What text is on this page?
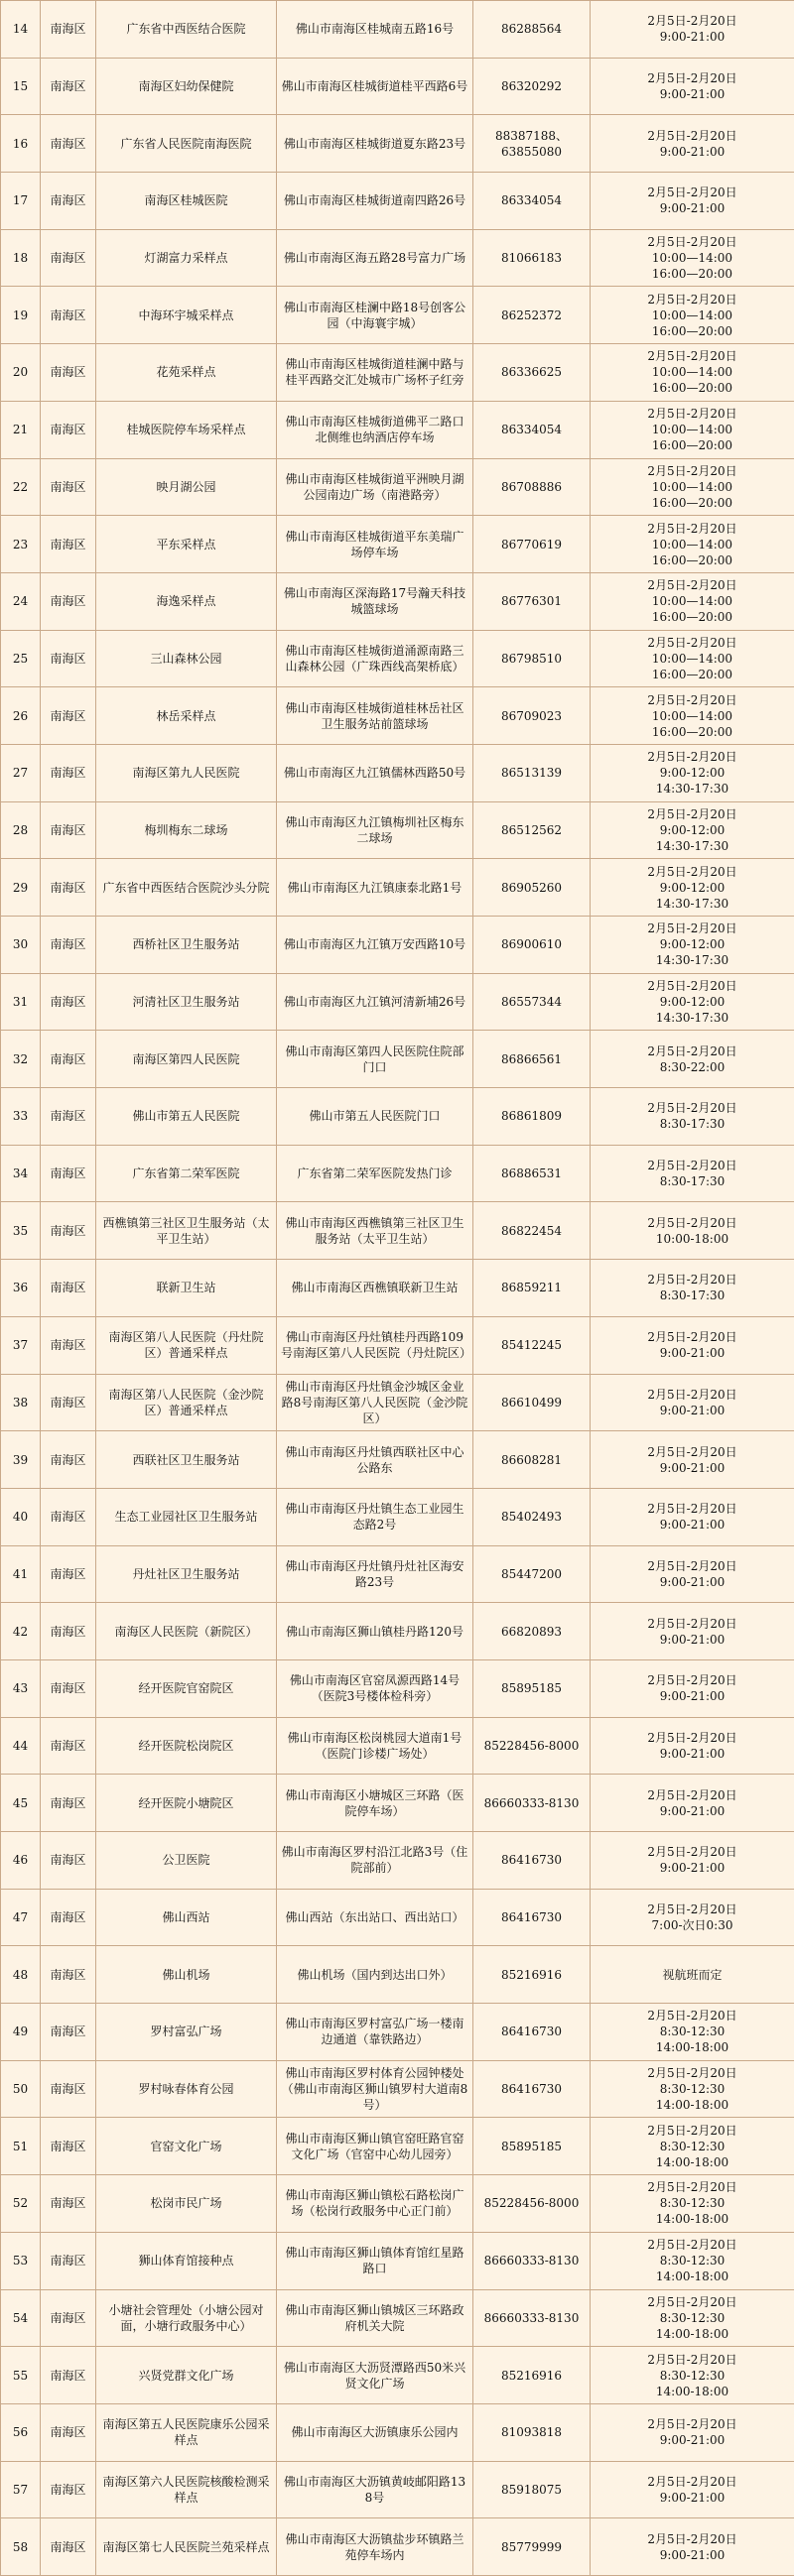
14	南海区	广东省中西医结合医院	佛山市南海区桂城南五路16号	86288564	2月5日-2月20日
9:00-21:00
15	南海区	南海区妇幼保健院	佛山市南海区桂城街道桂平西路6号	86320292	2月5日-2月20日
9:00-21:00
16	南海区	广东省人民医院南海医院	佛山市南海区桂城街道夏东路23号	88387188、
63855080	2月5日-2月20日
9:00-21:00
17	南海区	南海区桂城医院	佛山市南海区桂城街道南四路26号	86334054	2月5日-2月20日
9:00-21:00
18	南海区	灯湖富力采样点	佛山市南海区海五路28号富力广场	81066183	2月5日-2月20日
10:00—14:00
16:00—20:00
19	南海区	中海环宇城采样点	佛山市南海区桂澜中路18号创客公园（中海寰宇城）	86252372	2月5日-2月20日
10:00—14:00
16:00—20:00
20	南海区	花苑采样点	佛山市南海区桂城街道桂澜中路与桂平西路交汇处城市广场杯子红旁	86336625	2月5日-2月20日
10:00—14:00
16:00—20:00
21	南海区	桂城医院停车场采样点	佛山市南海区桂城街道佛平二路口北侧维也纳酒店停车场	86334054	2月5日-2月20日
10:00—14:00
16:00—20:00
22	南海区	映月湖公园	佛山市南海区桂城街道平洲映月湖公园南边广场（南港路旁）	86708886	2月5日-2月20日
10:00—14:00
16:00—20:00
23	南海区	平东采样点	佛山市南海区桂城街道平东美瑞广场停车场	86770619	2月5日-2月20日
10:00—14:00
16:00—20:00
24	南海区	海逸采样点	佛山市南海区深海路17号瀚天科技城篮球场	86776301	2月5日-2月20日
10:00—14:00
16:00—20:00
25	南海区	三山森林公园	佛山市南海区桂城街道涌源南路三山森林公园（广珠西线高架桥底）	86798510	2月5日-2月20日
10:00—14:00
16:00—20:00
26	南海区	林岳采样点	佛山市南海区桂城街道桂林岳社区卫生服务站前篮球场	86709023	2月5日-2月20日
10:00—14:00
16:00—20:00
27	南海区	南海区第九人民医院	佛山市南海区九江镇儒林西路50号	86513139	2月5日-2月20日
9:00-12:00
14:30-17:30
28	南海区	梅圳梅东二球场	佛山市南海区九江镇梅圳社区梅东二球场	86512562	2月5日-2月20日
9:00-12:00
14:30-17:30
29	南海区	广东省中西医结合医院沙头分院	佛山市南海区九江镇康泰北路1号	86905260	2月5日-2月20日
9:00-12:00
14:30-17:30
30	南海区	西桥社区卫生服务站	佛山市南海区九江镇万安西路10号	86900610	2月5日-2月20日
9:00-12:00
14:30-17:30
31	南海区	河清社区卫生服务站	佛山市南海区九江镇河清新埔26号	86557344	2月5日-2月20日
9:00-12:00
14:30-17:30
32	南海区	南海区第四人民医院	佛山市南海区第四人民医院住院部门口	86866561	2月5日-2月20日
8:30-22:00
33	南海区	佛山市第五人民医院	佛山市第五人民医院门口	86861809	2月5日-2月20日
8:30-17:30
34	南海区	广东省第二荣军医院	广东省第二荣军医院发热门诊	86886531	2月5日-2月20日
8:30-17:30
35	南海区	西樵镇第三社区卫生服务站（太平卫生站）	佛山市南海区西樵镇第三社区卫生服务站（太平卫生站）	86822454	2月5日-2月20日
10:00-18:00
36	南海区	联新卫生站	佛山市南海区西樵镇联新卫生站	86859211	2月5日-2月20日
8:30-17:30
37	南海区	南海区第八人民医院（丹灶院区）普通采样点	佛山市南海区丹灶镇桂丹西路109号南海区第八人民医院（丹灶院区）	85412245	2月5日-2月20日
9:00-21:00
38	南海区	南海区第八人民医院（金沙院区）普通采样点	佛山市南海区丹灶镇金沙城区金业路8号南海区第八人民医院（金沙院区）	86610499	2月5日-2月20日
9:00-21:00
39	南海区	西联社区卫生服务站	佛山市南海区丹灶镇西联社区中心公路东	86608281	2月5日-2月20日
9:00-21:00
40	南海区	生态工业园社区卫生服务站	佛山市南海区丹灶镇生态工业园生态路2号	85402493	2月5日-2月20日
9:00-21:00
41	南海区	丹灶社区卫生服务站	佛山市南海区丹灶镇丹灶社区海安路23号	85447200	2月5日-2月20日
9:00-21:00
42	南海区	南海区人民医院（新院区）	佛山市南海区狮山镇桂丹路120号	66820893	2月5日-2月20日
9:00-21:00
43	南海区	经开医院官窑院区	佛山市南海区官窑凤源西路14号（医院3号楼体检科旁）	85895185	2月5日-2月20日
9:00-21:00
44	南海区	经开医院松岗院区	佛山市南海区松岗桃园大道南1号（医院门诊楼广场处）	85228456-8000	2月5日-2月20日
9:00-21:00
45	南海区	经开医院小塘院区	佛山市南海区小塘城区三环路（医院停车场）	86660333-8130	2月5日-2月20日
9:00-21:00
46	南海区	公卫医院	佛山市南海区罗村沿江北路3号（住院部前）	86416730	2月5日-2月20日
9:00-21:00
47	南海区	佛山西站	佛山西站（东出站口、西出站口）	86416730	2月5日-2月20日
7:00-次日0:30
48	南海区	佛山机场	佛山机场（国内到达出口外）	85216916	视航班而定
49	南海区	罗村富弘广场	佛山市南海区罗村富弘广场一楼南边通道（靠铁路边）	86416730	2月5日-2月20日
8:30-12:30
14:00-18:00
50	南海区	罗村咏春体育公园	佛山市南海区罗村体育公园钟楼处（佛山市南海区狮山镇罗村大道南8号）	86416730	2月5日-2月20日
8:30-12:30
14:00-18:00
51	南海区	官窑文化广场	佛山市南海区狮山镇官窑旺路官窑文化广场（官窑中心幼儿园旁）	85895185	2月5日-2月20日
8:30-12:30
14:00-18:00
52	南海区	松岗市民广场	佛山市南海区狮山镇松石路松岗广场（松岗行政服务中心正门前）	85228456-8000	2月5日-2月20日
8:30-12:30
14:00-18:00
53	南海区	狮山体育馆接种点	佛山市南海区狮山镇体育馆红星路路口	86660333-8130	2月5日-2月20日
8:30-12:30
14:00-18:00
54	南海区	小塘社会管理处（小塘公园对面，小塘行政服务中心）	佛山市南海区狮山镇城区三环路政府机关大院	86660333-8130	2月5日-2月20日
8:30-12:30
14:00-18:00
55	南海区	兴贤党群文化广场	佛山市南海区大沥贤潭路西50米兴贤文化广场	85216916	2月5日-2月20日
8:30-12:30
14:00-18:00
56	南海区	南海区第五人民医院康乐公园采样点	佛山市南海区大沥镇康乐公园内	81093818	2月5日-2月20日
9:00-21:00
57	南海区	南海区第六人民医院核酸检测采样点	佛山市南海区大沥镇黄岐邮阳路138号	85918075	2月5日-2月20日
9:00-21:00
58	南海区	南海区第七人民医院兰苑采样点	佛山市南海区大沥镇盐步环镇路兰苑停车场内	85779999	2月5日-2月20日
9:00-21:00
